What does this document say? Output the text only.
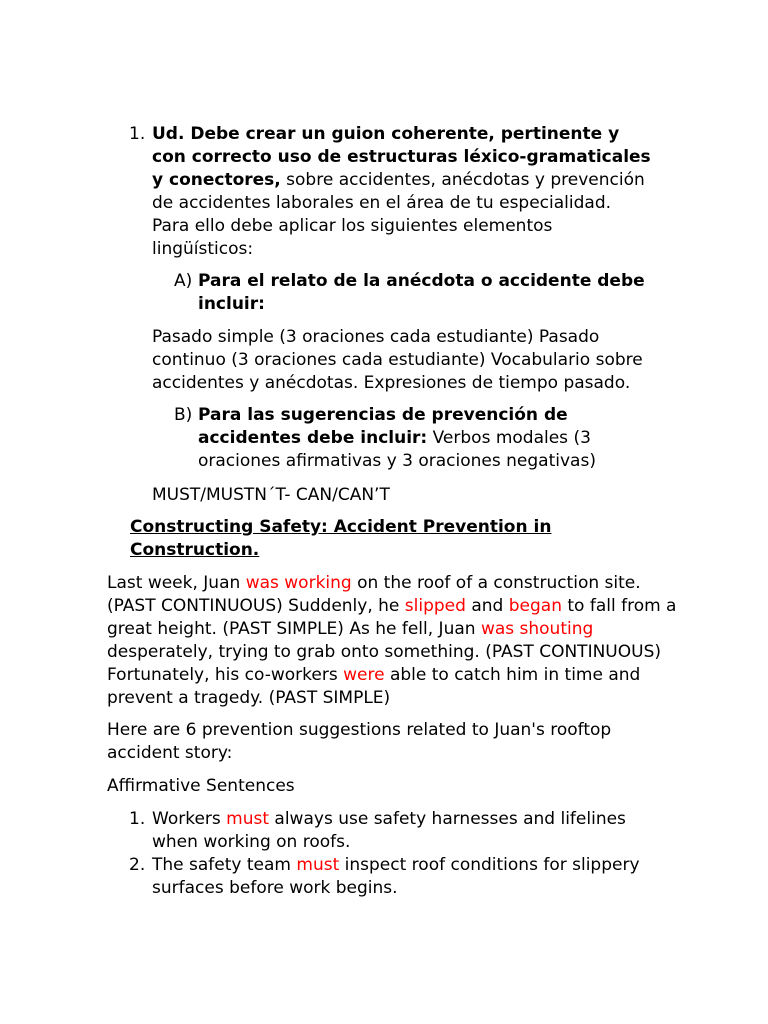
1. Ud. Debe crear un guion coherente, pertinente y con correcto uso de estructuras léxico-gramaticales y conectores, sobre accidentes, anécdotas y prevención de accidentes laborales en el área de tu especialidad. Para ello debe aplicar los siguientes elementos lingüísticos:

A) Para el relato de la anécdota o accidente debe incluir:

Pasado simple (3 oraciones cada estudiante) Pasado continuo (3 oraciones cada estudiante) Vocabulario sobre accidentes y anécdotas. Expresiones de tiempo pasado.

B) Para las sugerencias de prevención de accidentes debe incluir: Verbos modales (3 oraciones afirmativas y 3 oraciones negativas)

MUST/MUSTN´T- CAN/CAN’T

Constructing Safety: Accident Prevention in Construction.

Last week, Juan was working on the roof of a construction site. (PAST CONTINUOUS) Suddenly, he slipped and began to fall from a great height. (PAST SIMPLE) As he fell, Juan was shouting desperately, trying to grab onto something. (PAST CONTINUOUS) Fortunately, his co-workers were able to catch him in time and prevent a tragedy. (PAST SIMPLE)

Here are 6 prevention suggestions related to Juan's rooftop accident story:

Affirmative Sentences

1. Workers must always use safety harnesses and lifelines when working on roofs.

2. The safety team must inspect roof conditions for slippery surfaces before work begins.
